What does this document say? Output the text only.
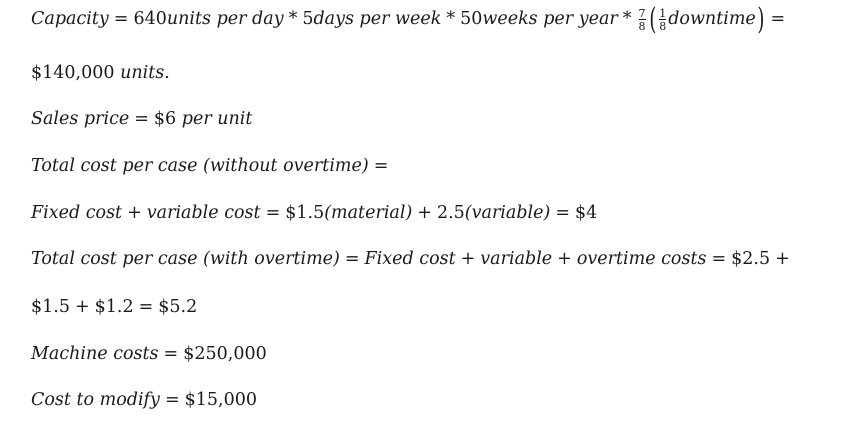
Capacity = 640units per day * 5days per week * 50weeks per year * $\frac{7}{8}$ ( $\frac{1}{8}$ downtime) =
$140,000 units.
Sales price = $6 per unit
Total cost per case (without overtime) =
Fixed cost + variable cost = $1.5(material) + 2.5(variable) = $4
Total cost per case (with overtime) = Fixed cost + variable + overtime costs = $2.5 +
$1.5 + $1.2 = $5.2
Machine costs = $250,000
Cost to modify = $15,000
